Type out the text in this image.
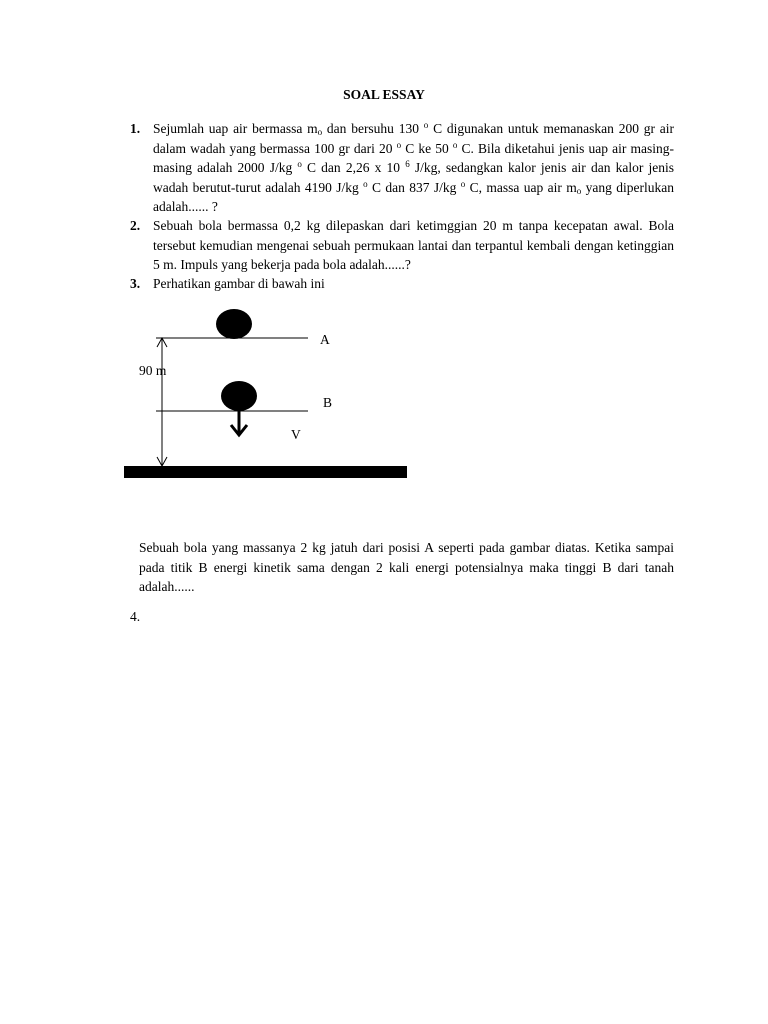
SOAL ESSAY
1. Sejumlah uap air bermassa $m_o$ dan bersuhu 130 $^o$ C digunakan untuk memanaskan 200 gr air dalam wadah yang bermassa 100 gr dari 20 $^o$ C ke 50 $^o$ C. Bila diketahui jenis uap air masing-masing adalah 2000 J/kg $^o$ C dan 2,26 x 10 $^6$ J/kg, sedangkan kalor jenis air dan kalor jenis wadah berutut-turut adalah 4190 J/kg $^o$ C dan 837 J/kg $^o$ C, massa uap air $m_o$ yang diperlukan adalah...... ?
2. Sebuah bola bermassa 0,2 kg dilepaskan dari ketimggian 20 m tanpa kecepatan awal. Bola tersebut kemudian mengenai sebuah permukaan lantai dan terpantul kembali dengan ketinggian 5 m. Impuls yang bekerja pada bola adalah......?
3. Perhatikan gambar di bawah ini
A
B
V
90 m
Sebuah bola yang massanya 2 kg jatuh dari posisi A seperti pada gambar diatas. Ketika sampai pada titik B energi kinetik sama dengan 2 kali energi potensialnya maka tinggi B dari tanah adalah......
4.
